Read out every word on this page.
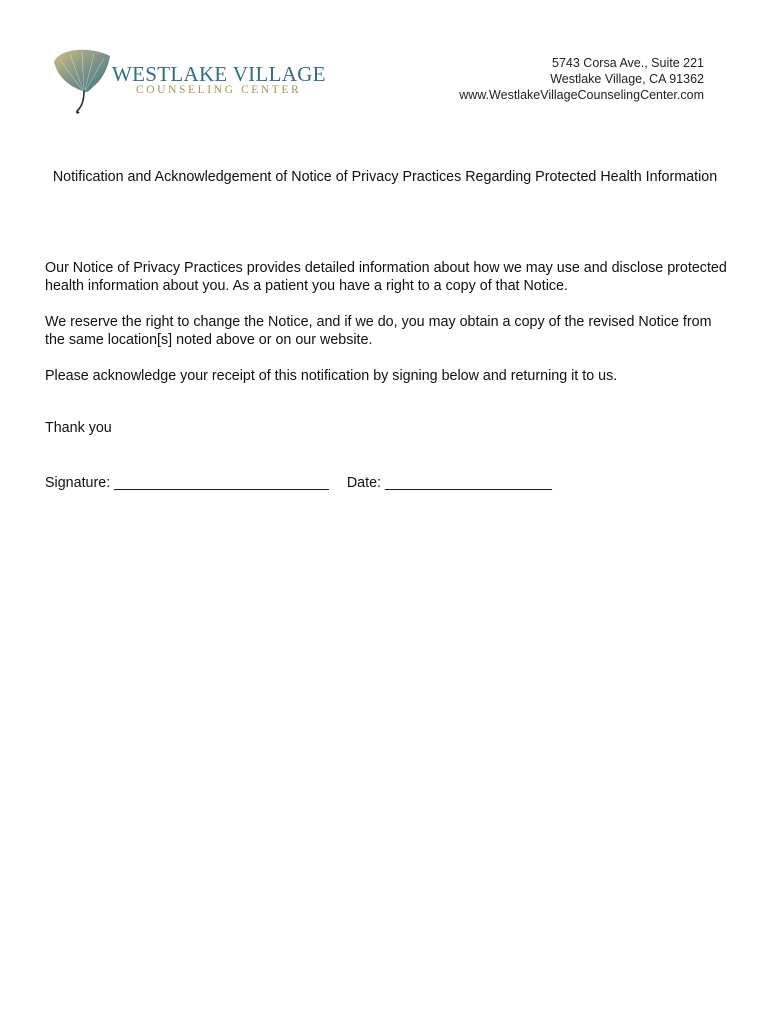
WESTLAKE VILLAGE
COUNSELING CENTER
5743 Corsa Ave., Suite 221
Westlake Village, CA 91362
www.WestlakeVillageCounselingCenter.com
Notification and Acknowledgement of Notice of Privacy Practices Regarding Protected Health Information
Our Notice of Privacy Practices provides detailed information about how we may use and disclose protected health information about you. As a patient you have a right to a copy of that Notice.
We reserve the right to change the Notice, and if we do, you may obtain a copy of the revised Notice from the same location[s] noted above or on our website.
Please acknowledge your receipt of this notification by signing below and returning it to us.
Thank you
Signature: ___________________________ Date: _____________________
